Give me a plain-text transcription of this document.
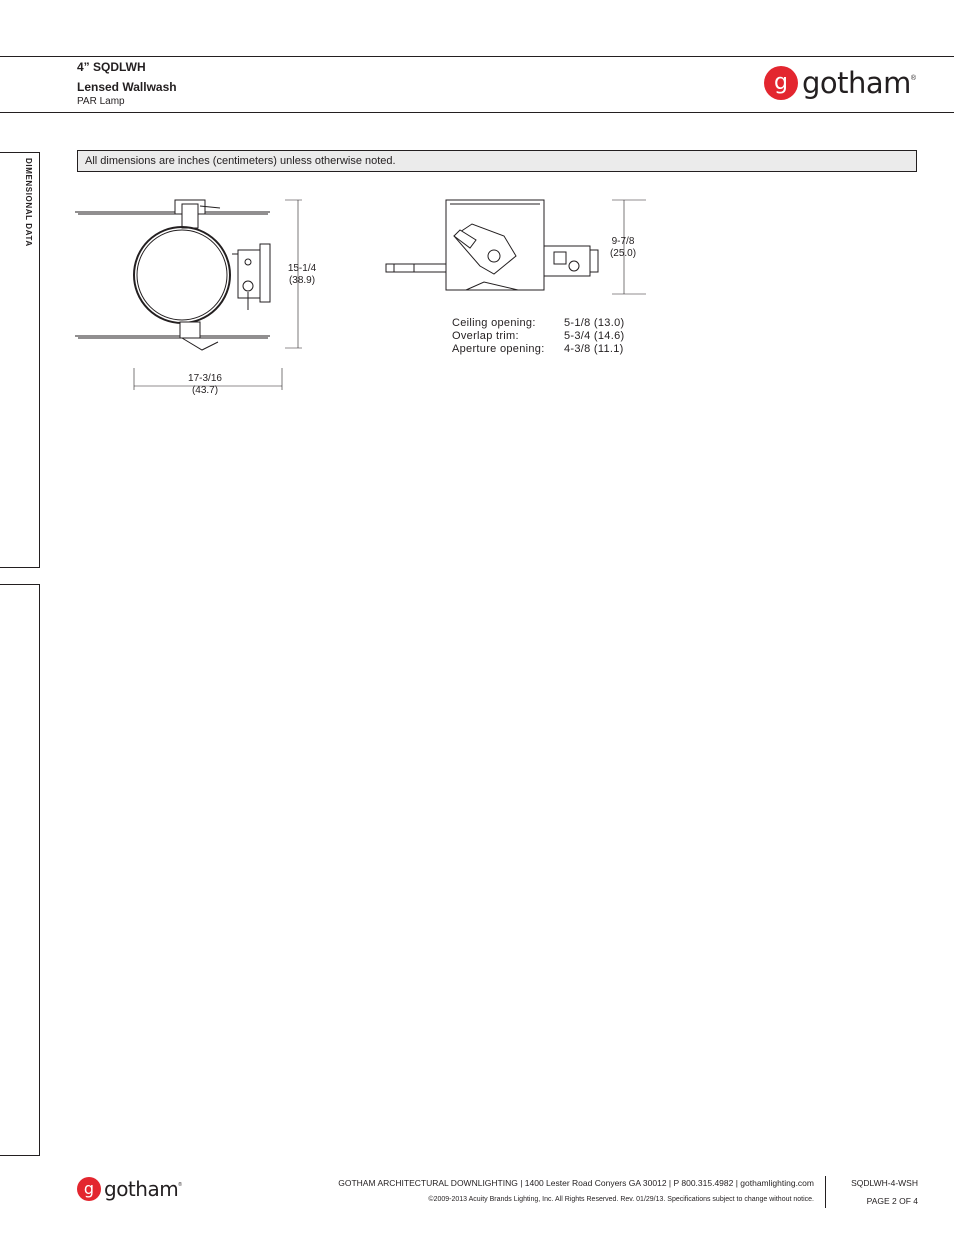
4” SQDLWH
Lensed Wallwash
PAR Lamp
g gotham ®
DIMENSIONAL DATA	All dimensions are inches (centimeters) unless otherwise noted.
15-1/4
(38.9)
17-3/16
(43.7)
9-7/8
(25.0)
Ceiling opening:	5-1/8 (13.0)
Overlap trim:	5-3/4 (14.6)
Aperture opening: 4-3/8 (11.1)
g gotham ®	GOTHAM ARCHITECTURAL DOWNLIGHTING | 1400 Lester Road Conyers GA 30012 | P 800.315.4982 | gothamlighting.com
©2009-2013 Acuity Brands Lighting, Inc. All Rights Reserved. Rev. 01/29/13. Specifications subject to change without notice.
SQDLWH-4-WSH
PAGE 2 OF 4
